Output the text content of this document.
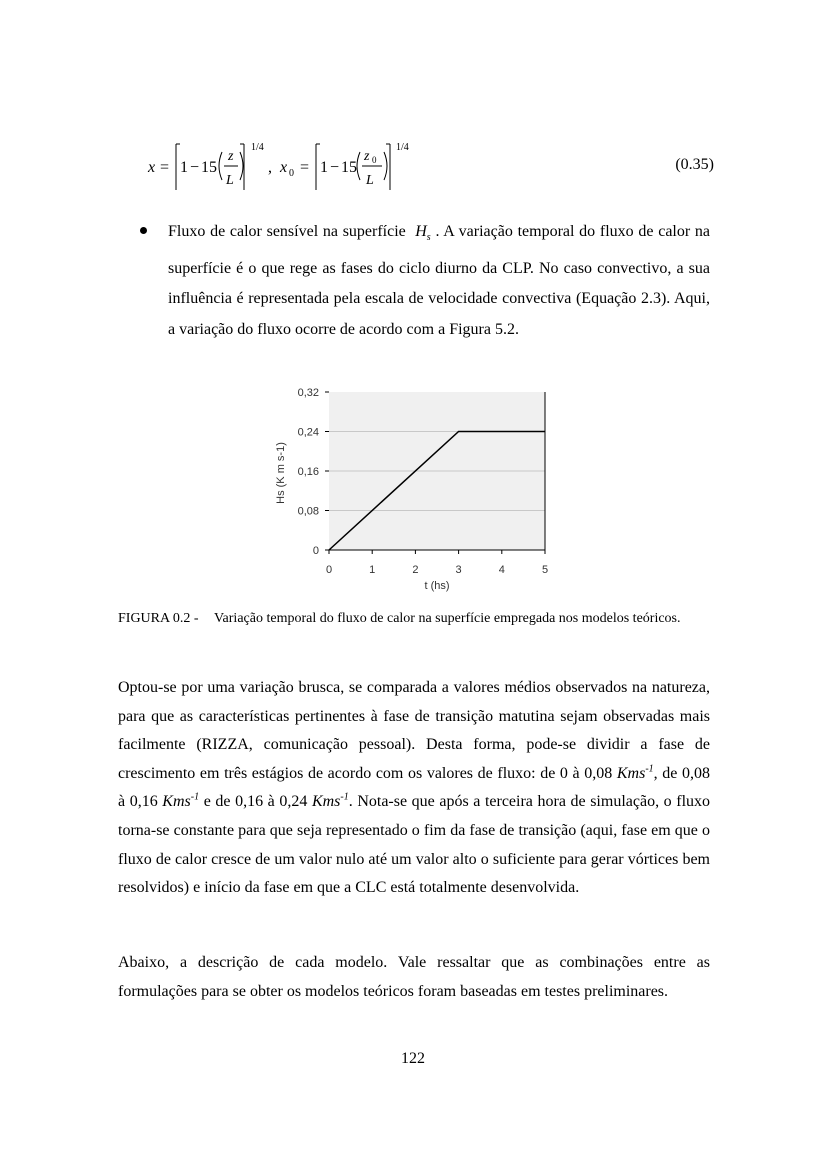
x = 1 − 15
z
L
1/4
, x 0 = 1 − 15
z 0
L
1/4
(0.35)
Fluxo de calor sensível na superfície $H_s$ . A variação temporal do fluxo de calor na superfície é o que rege as fases do ciclo diurno da CLP. No caso convectivo, a sua influência é representada pela escala de velocidade convectiva (Equação 2.3). Aqui, a variação do fluxo ocorre de acordo com a Figura 5.2.
0
0,08
0,16
0,24
0,32
0	1	2	3	4	5
t (hs)
Hs (K m s-1)
FIGURA 0.2 - Variação temporal do fluxo de calor na superfície empregada nos modelos teóricos.
Optou-se por uma variação brusca, se comparada a valores médios observados na natureza, para que as características pertinentes à fase de transição matutina sejam observadas mais facilmente (RIZZA, comunicação pessoal). Desta forma, pode-se dividir a fase de crescimento em três estágios de acordo com os valores de fluxo: de 0 à 0,08 Kms$^{-1}$, de 0,08 à 0,16 Kms$^{-1}$ e de 0,16 à 0,24 Kms$^{-1}$. Nota-se que após a terceira hora de simulação, o fluxo torna-se constante para que seja representado o fim da fase de transição (aqui, fase em que o fluxo de calor cresce de um valor nulo até um valor alto o suficiente para gerar vórtices bem resolvidos) e início da fase em que a CLC está totalmente desenvolvida.
Abaixo, a descrição de cada modelo. Vale ressaltar que as combinações entre as formulações para se obter os modelos teóricos foram baseadas em testes preliminares.
122
